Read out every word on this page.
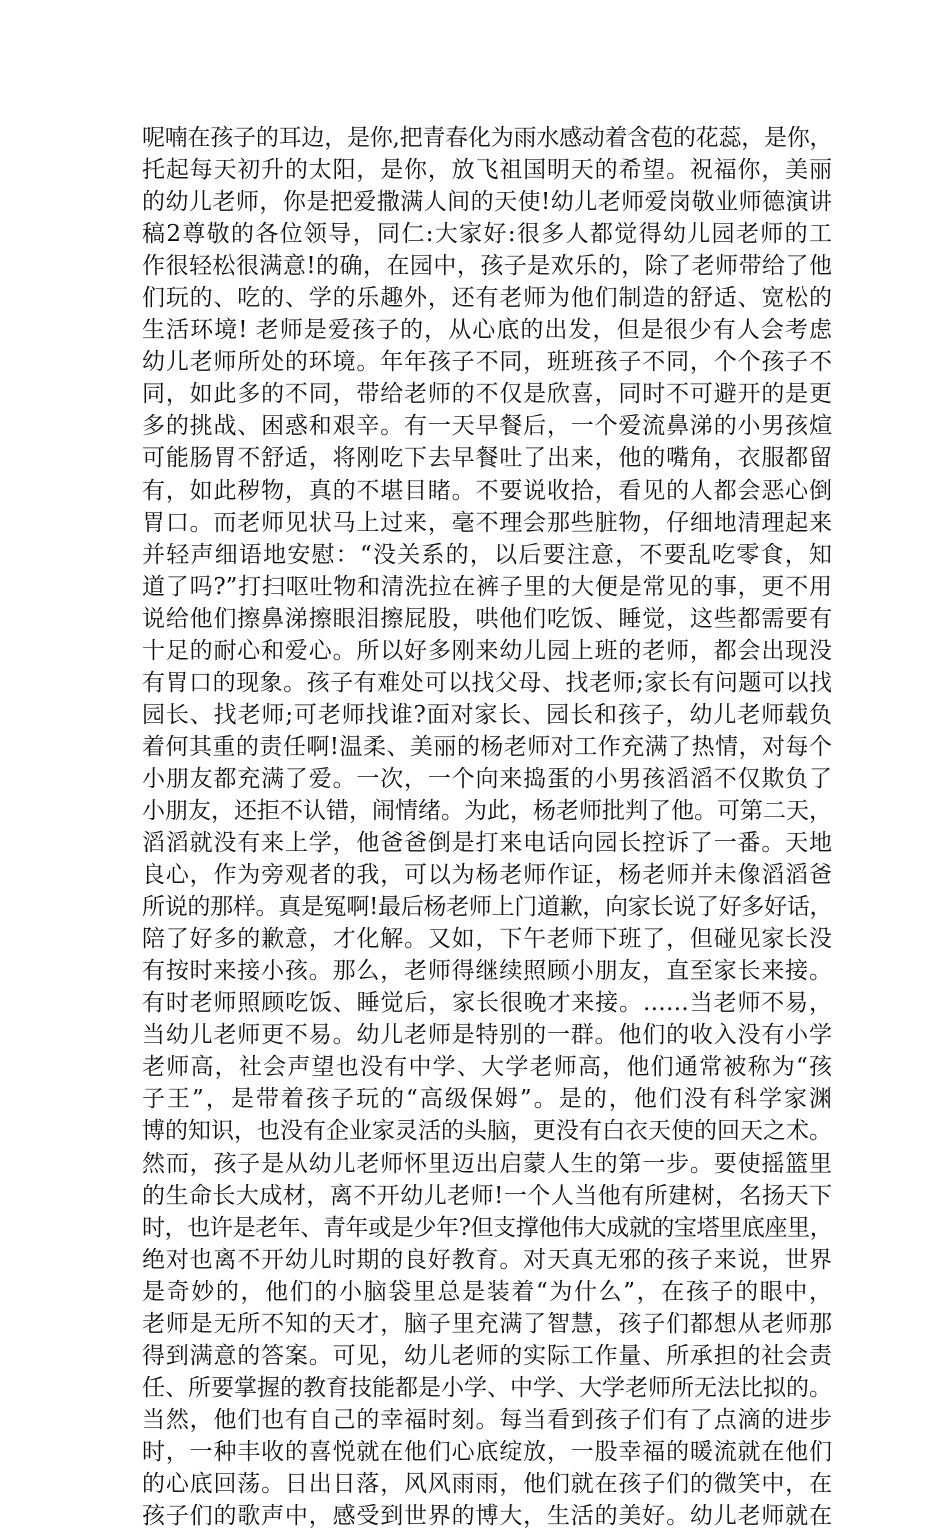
呢喃在孩子的耳边，是你,把青春化为雨水感动着含苞的花蕊，是你，
托起每天初升的太阳，是你，放飞祖国明天的希望。祝福你，美丽
的幼儿老师，你是把爱撒满人间的天使!幼儿老师爱岗敬业师德演讲
稿2尊敬的各位领导，同仁:大家好:很多人都觉得幼儿园老师的工
作很轻松很满意!的确，在园中，孩子是欢乐的，除了老师带给了他
们玩的、吃的、学的乐趣外，还有老师为他们制造的舒适、宽松的
生活环境! 老师是爱孩子的，从心底的出发，但是很少有人会考虑
幼儿老师所处的环境。年年孩子不同，班班孩子不同，个个孩子不
同，如此多的不同，带给老师的不仅是欣喜，同时不可避开的是更
多的挑战、困惑和艰辛。有一天早餐后，一个爱流鼻涕的小男孩煊
可能肠胃不舒适，将刚吃下去早餐吐了出来，他的嘴角，衣服都留
有，如此秽物，真的不堪目睹。不要说收拾，看见的人都会恶心倒
胃口。而老师见状马上过来，毫不理会那些脏物，仔细地清理起来
并轻声细语地安慰：“没关系的，以后要注意，不要乱吃零食，知
道了吗?”打扫呕吐物和清洗拉在裤子里的大便是常见的事，更不用
说给他们擦鼻涕擦眼泪擦屁股，哄他们吃饭、睡觉，这些都需要有
十足的耐心和爱心。所以好多刚来幼儿园上班的老师，都会出现没
有胃口的现象。孩子有难处可以找父母、找老师;家长有问题可以找
园长、找老师;可老师找谁?面对家长、园长和孩子，幼儿老师载负
着何其重的责任啊!温柔、美丽的杨老师对工作充满了热情，对每个
小朋友都充满了爱。一次，一个向来捣蛋的小男孩滔滔不仅欺负了
小朋友，还拒不认错，闹情绪。为此，杨老师批判了他。可第二天，
滔滔就没有来上学，他爸爸倒是打来电话向园长控诉了一番。天地
良心，作为旁观者的我，可以为杨老师作证，杨老师并未像滔滔爸
所说的那样。真是冤啊!最后杨老师上门道歉，向家长说了好多好话，
陪了好多的歉意，才化解。又如，下午老师下班了，但碰见家长没
有按时来接小孩。那么，老师得继续照顾小朋友，直至家长来接。
有时老师照顾吃饭、睡觉后，家长很晚才来接。……当老师不易，
当幼儿老师更不易。幼儿老师是特别的一群。他们的收入没有小学
老师高，社会声望也没有中学、大学老师高，他们通常被称为“孩
子王”，是带着孩子玩的“高级保姆”。是的，他们没有科学家渊
博的知识，也没有企业家灵活的头脑，更没有白衣天使的回天之术。
然而，孩子是从幼儿老师怀里迈出启蒙人生的第一步。要使摇篮里
的生命长大成材，离不开幼儿老师!一个人当他有所建树，名扬天下
时，也许是老年、青年或是少年?但支撑他伟大成就的宝塔里底座里，
绝对也离不开幼儿时期的良好教育。对天真无邪的孩子来说，世界
是奇妙的，他们的小脑袋里总是装着“为什么”，在孩子的眼中，
老师是无所不知的天才，脑子里充满了智慧，孩子们都想从老师那
得到满意的答案。可见，幼儿老师的实际工作量、所承担的社会责
任、所要掌握的教育技能都是小学、中学、大学老师所无法比拟的。
当然，他们也有自己的幸福时刻。每当看到孩子们有了点滴的进步
时，一种丰收的喜悦就在他们心底绽放，一股幸福的暖流就在他们
的心底回荡。日出日落，风风雨雨，他们就在孩子们的微笑中，在
孩子们的歌声中，感受到世界的博大，生活的美好。幼儿老师就在
